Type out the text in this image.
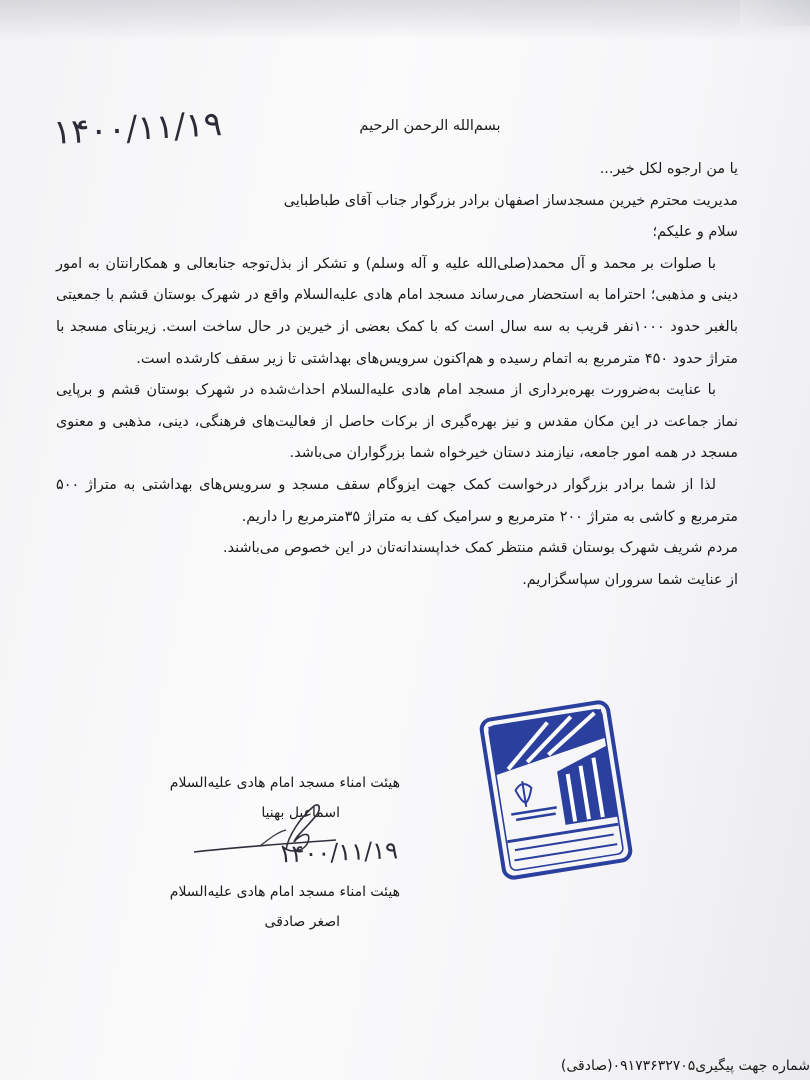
۱۴۰۰/۱۱/۱۹	بسم‌الله الرحمن الرحیم

یا من ارجوه لکل خیر...

مدیریت محترم خیرین مسجدساز اصفهان برادر بزرگوار جناب آقای طباطبایی

سلام و علیکم؛

با صلوات بر محمد و آل محمد(صلی‌الله علیه و آله وسلم) و تشکر از بذل‌توجه جنابعالی و همکارانتان به امور دینی و مذهبی؛ احتراما به استحضار می‌رساند مسجد امام هادی علیه‌السلام واقع در شهرک بوستان قشم با جمعیتی بالغبر حدود ۱۰۰۰نفر قریب به سه سال است که با کمک بعضی از خیرین در حال ساخت است. زیربنای مسجد با متراژ حدود ۴۵۰ مترمربع به اتمام رسیده و هم‌اکنون سرویس‌های بهداشتی تا زیر سقف کارشده است.

با عنایت به‌ضرورت بهره‌برداری از مسجد امام هادی علیه‌السلام احداث‌شده در شهرک بوستان قشم و برپایی نماز جماعت در این مکان مقدس و نیز بهره‌گیری از برکات حاصل از فعالیت‌های فرهنگی، دینی، مذهبی و معنوی مسجد در همه امور جامعه، نیازمند دستان خیرخواه شما بزرگواران می‌باشد.

لذا از شما برادر بزرگوار درخواست کمک جهت ایزوگام سقف مسجد و سرویس‌های بهداشتی به متراژ ۵۰۰ مترمربع و کاشی به متراژ ۲۰۰ مترمربع و سرامیک کف به متراژ ۳۵مترمربع را داریم.

مردم شریف شهرک بوستان قشم منتظر کمک خداپسندانه‌تان در این خصوص می‌باشند.

از عنایت شما سروران سپاسگزاریم.

هیئت امناء مسجد امام هادی علیه‌السلام
اسماعیل بهنیا
۱۴۰۰/۱۱/۱۹
هیئت امناء مسجد امام هادی علیه‌السلام
اصغر صادقی
شماره جهت پیگیری۰۹۱۷۳۶۳۲۷۰۵(صادقی)
